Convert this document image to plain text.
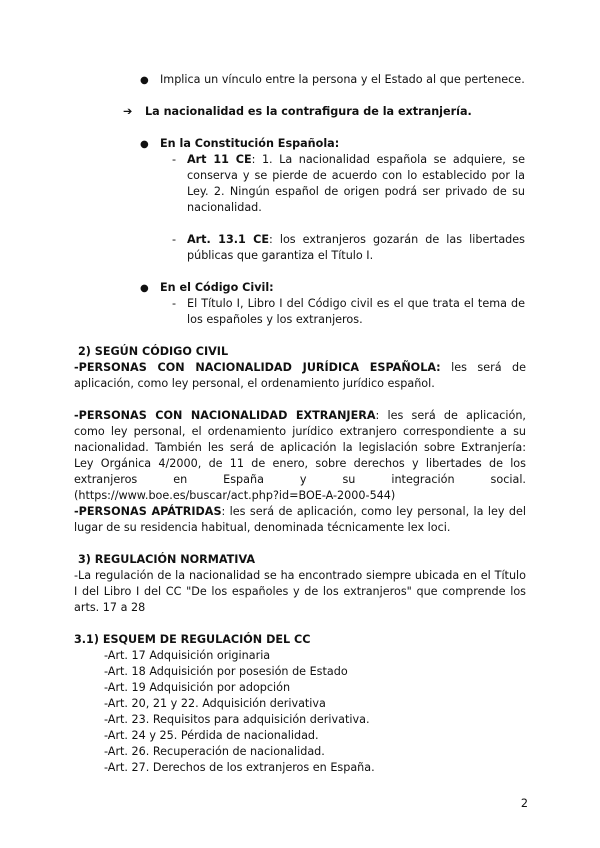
● Implica un vínculo entre la persona y el Estado al que pertenece.
➔ La nacionalidad es la contrafigura de la extranjería.
● En la Constitución Española:
- Art 11 CE: 1. La nacionalidad española se adquiere, se conserva y se pierde de acuerdo con lo establecido por la Ley. 2. Ningún español de origen podrá ser privado de su nacionalidad.
- Art. 13.1 CE: los extranjeros gozarán de las libertades públicas que garantiza el Título I.
● En el Código Civil:
- El Título I, Libro I del Código civil es el que trata el tema de los españoles y los extranjeros.
2) SEGÚN CÓDIGO CIVIL
-PERSONAS CON NACIONALIDAD JURÍDICA ESPAÑOLA: les será de aplicación, como ley personal, el ordenamiento jurídico español.
-PERSONAS CON NACIONALIDAD EXTRANJERA: les será de aplicación, como ley personal, el ordenamiento jurídico extranjero correspondiente a su nacionalidad. También les será de aplicación la legislación sobre Extranjería: Ley Orgánica 4/2000, de 11 de enero, sobre derechos y libertades de los extranjeros en España y su integración social. (https://www.boe.es/buscar/act.php?id=BOE-A-2000-544)
-PERSONAS APÁTRIDAS: les será de aplicación, como ley personal, la ley del lugar de su residencia habitual, denominada técnicamente lex loci.
3) REGULACIÓN NORMATIVA
-La regulación de la nacionalidad se ha encontrado siempre ubicada en el Título I del Libro I del CC "De los españoles y de los extranjeros" que comprende los arts. 17 a 28
3.1) ESQUEM DE REGULACIÓN DEL CC
-Art. 17 Adquisición originaria
-Art. 18 Adquisición por posesión de Estado
-Art. 19 Adquisición por adopción
-Art. 20, 21 y 22. Adquisición derivativa
-Art. 23. Requisitos para adquisición derivativa.
-Art. 24 y 25. Pérdida de nacionalidad.
-Art. 26. Recuperación de nacionalidad.
-Art. 27. Derechos de los extranjeros en España.
2
